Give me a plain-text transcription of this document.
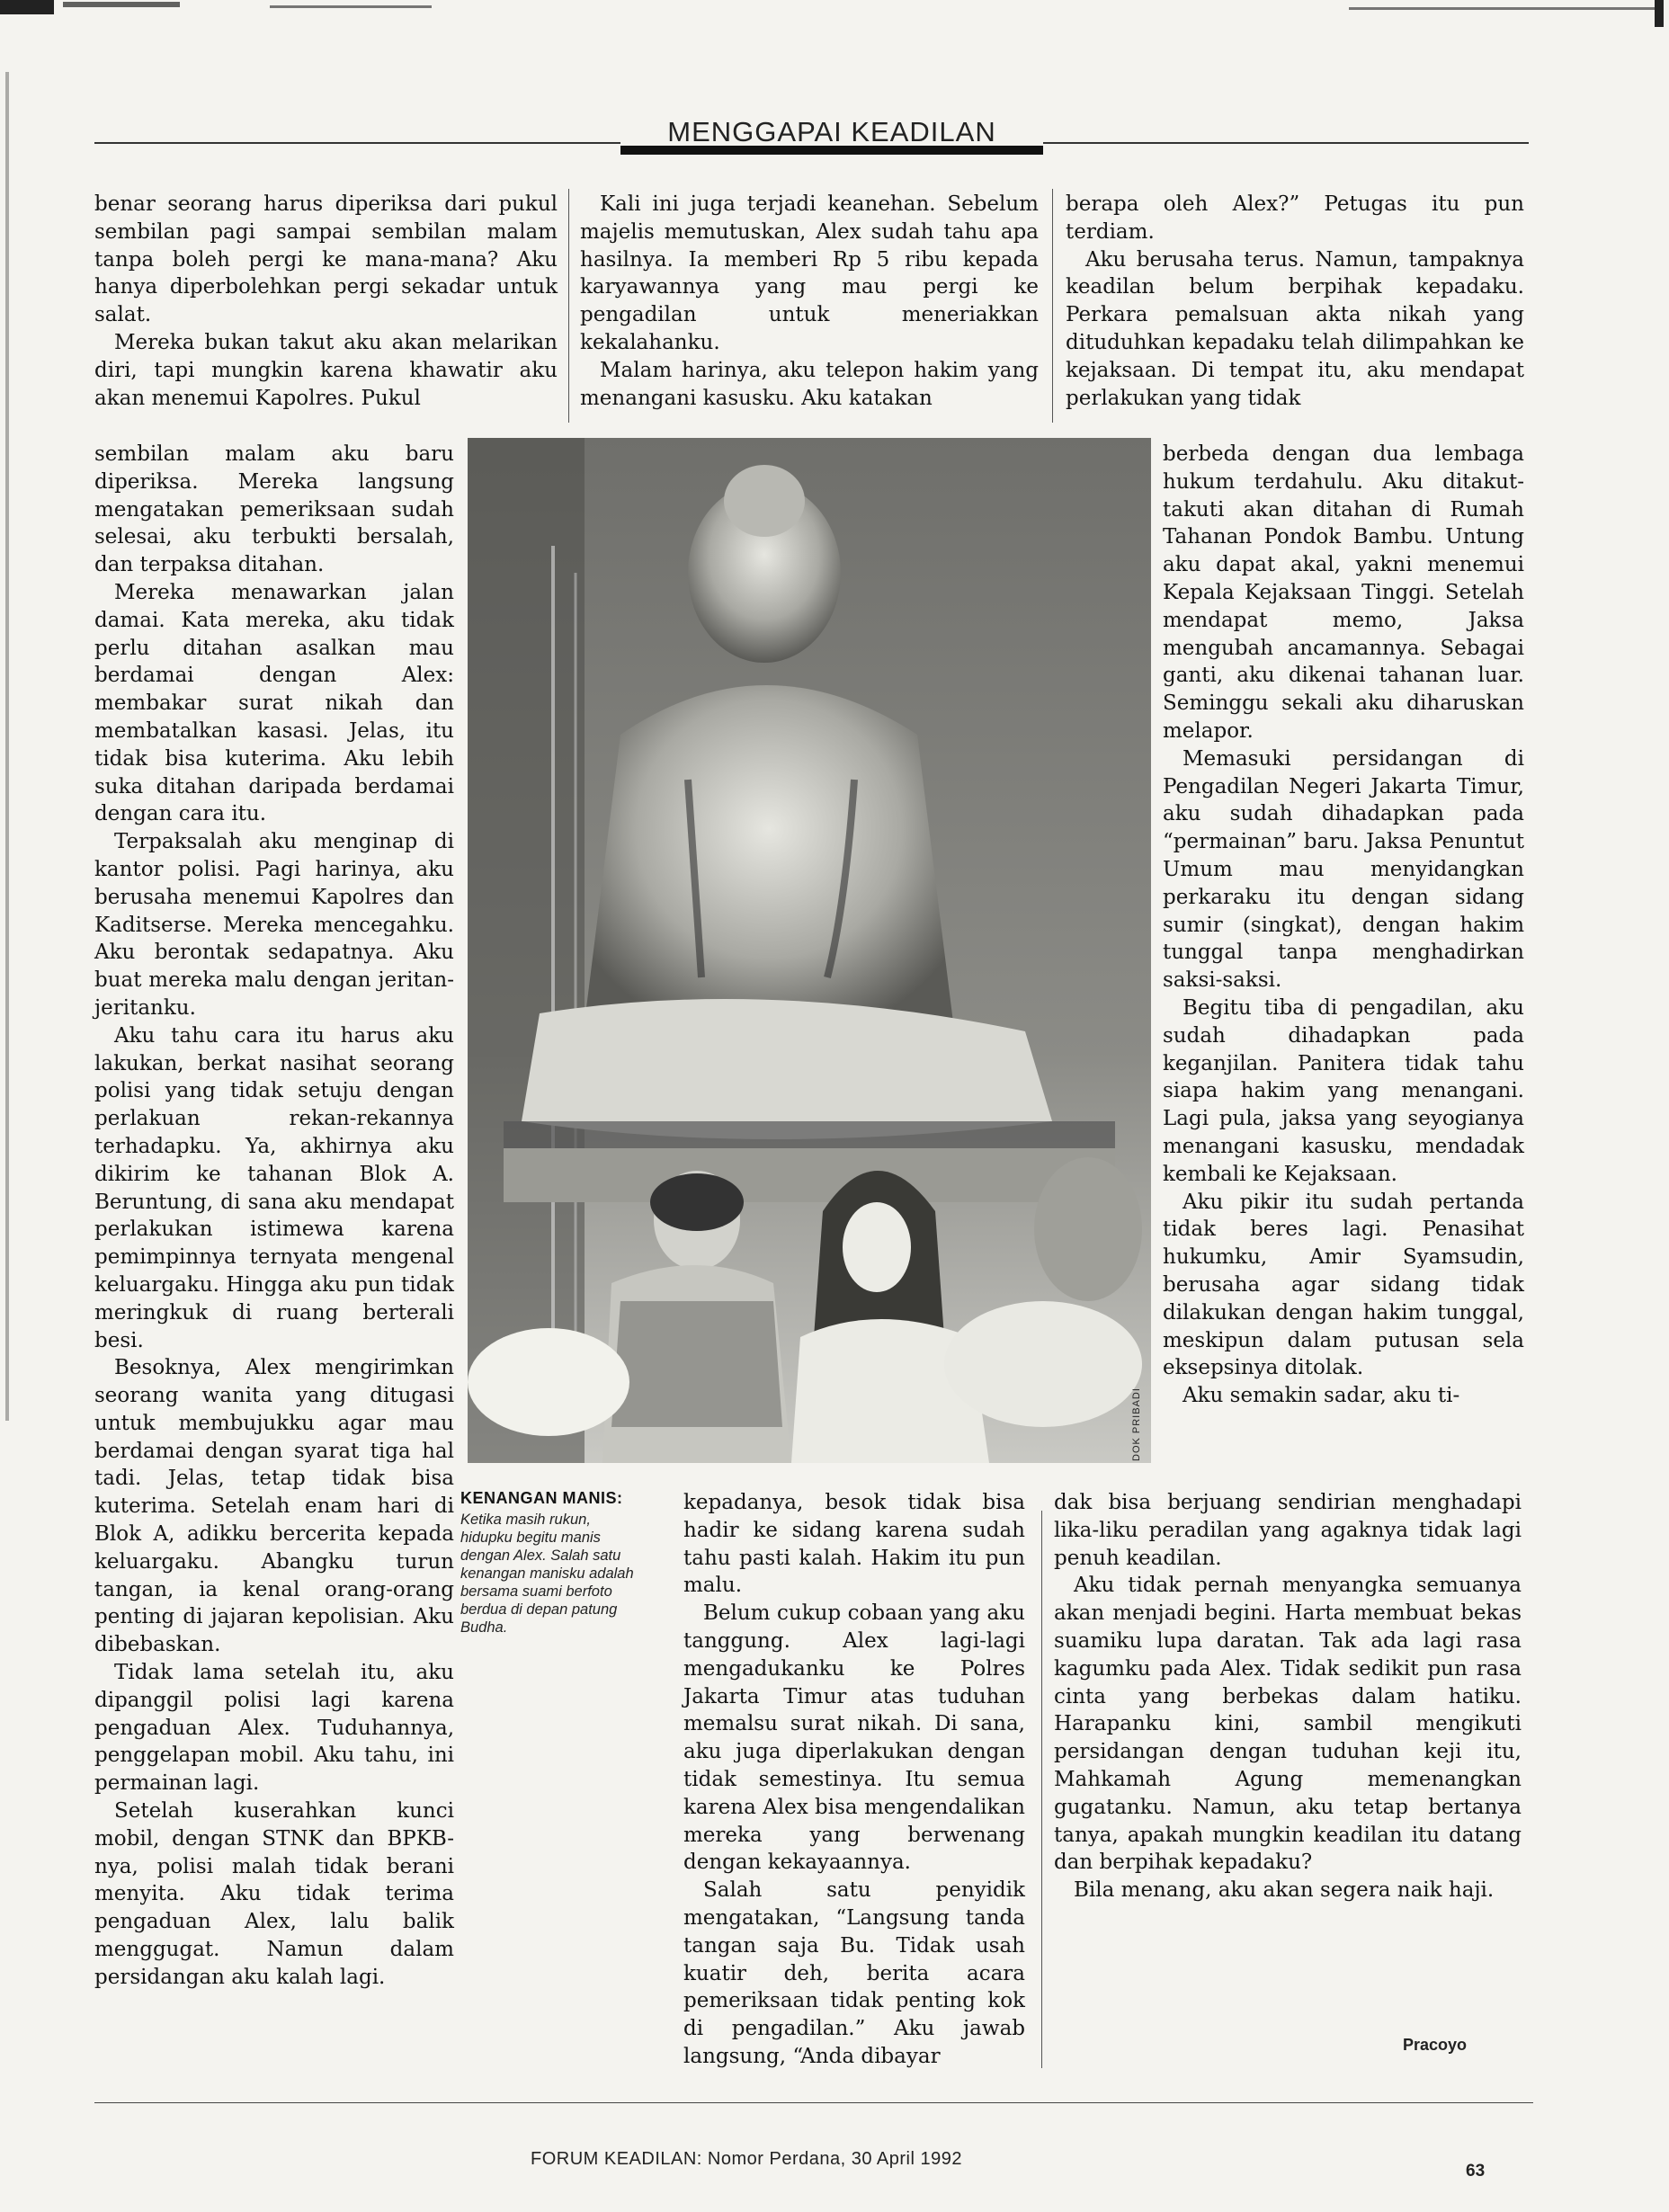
MENGGAPAI KEADILAN

benar seorang harus diperiksa dari pukul sembilan pagi sampai sembilan malam tanpa boleh pergi ke mana-mana? Aku hanya diperbolehkan pergi sekadar untuk salat.

Mereka bukan takut aku akan melarikan diri, tapi mungkin karena khawatir aku akan menemui Kapolres. Pukul

sembilan malam aku baru diperiksa. Mereka langsung mengatakan pemeriksaan sudah selesai, aku terbukti bersalah, dan terpaksa ditahan.

Mereka menawarkan jalan damai. Kata mereka, aku tidak perlu ditahan asalkan mau berdamai dengan Alex: membakar surat nikah dan membatalkan kasasi. Jelas, itu tidak bisa kuterima. Aku lebih suka ditahan daripada berdamai dengan cara itu.

Terpaksalah aku menginap di kantor polisi. Pagi harinya, aku berusaha menemui Kapolres dan Kaditserse. Mereka mencegahku. Aku berontak sedapatnya. Aku buat mereka malu dengan jeritan-jeritanku.

Aku tahu cara itu harus aku lakukan, berkat nasihat seorang polisi yang tidak setuju dengan perlakuan rekan-rekannya terhadapku. Ya, akhirnya aku dikirim ke tahanan Blok A. Beruntung, di sana aku mendapat perlakukan istimewa karena pemimpinnya ternyata mengenal keluargaku. Hingga aku pun tidak meringkuk di ruang berterali besi.

Besoknya, Alex mengirimkan seorang wanita yang ditugasi untuk membujukku agar mau berdamai dengan syarat tiga hal tadi. Jelas, tetap tidak bisa kuterima. Setelah enam hari di Blok A, adikku bercerita kepada keluargaku. Abangku turun tangan, ia kenal orang-orang penting di jajaran kepolisian. Aku dibebaskan.

Tidak lama setelah itu, aku dipanggil polisi lagi karena pengaduan Alex. Tuduhannya, penggelapan mobil. Aku tahu, ini permainan lagi.

Setelah kuserahkan kunci mobil, dengan STNK dan BPKB-nya, polisi malah tidak berani menyita. Aku tidak terima pengaduan Alex, lalu balik menggugat. Namun dalam persidangan aku kalah lagi.

Kali ini juga terjadi keanehan. Sebelum majelis memutuskan, Alex sudah tahu apa hasilnya. Ia memberi Rp 5 ribu kepada karyawannya yang mau pergi ke pengadilan untuk meneriakkan kekalahanku.

Malam harinya, aku telepon hakim yang menangani kasusku. Aku katakan

DOK PRIBADI

berapa oleh Alex?” Petugas itu pun terdiam.

Aku berusaha terus. Namun, tampaknya keadilan belum berpihak kepadaku. Perkara pemalsuan akta nikah yang dituduhkan kepadaku telah dilimpahkan ke kejaksaan. Di tempat itu, aku mendapat perlakukan yang tidak

berbeda dengan dua lembaga hukum terdahulu. Aku ditakut-takuti akan ditahan di Rumah Tahanan Pondok Bambu. Untung aku dapat akal, yakni menemui Kepala Kejaksaan Tinggi. Setelah mendapat memo, Jaksa mengubah ancamannya. Sebagai ganti, aku dikenai tahanan luar. Seminggu sekali aku diharuskan melapor.

Memasuki persidangan di Pengadilan Negeri Jakarta Timur, aku sudah dihadapkan pada “permainan” baru. Jaksa Penuntut Umum mau menyidangkan perkaraku itu dengan sidang sumir (singkat), dengan hakim tunggal tanpa menghadirkan saksi-saksi.

Begitu tiba di pengadilan, aku sudah dihadapkan pada keganjilan. Panitera tidak tahu siapa hakim yang menangani. Lagi pula, jaksa yang seyogianya menangani kasusku, mendadak kembali ke Kejaksaan.

Aku pikir itu sudah pertanda tidak beres lagi. Penasihat hukumku, Amir Syamsudin, berusaha agar sidang tidak dilakukan dengan hakim tunggal, meskipun dalam putusan sela eksepsinya ditolak.

Aku semakin sadar, aku ti-

KENANGAN MANIS:
Ketika masih rukun, hidupku begitu manis dengan Alex. Salah satu kenangan manisku adalah bersama suami berfoto berdua di depan patung Budha.

kepadanya, besok tidak bisa hadir ke sidang karena sudah tahu pasti kalah. Hakim itu pun malu.

Belum cukup cobaan yang aku tanggung. Alex lagi-lagi mengadukanku ke Polres Jakarta Timur atas tuduhan memalsu surat nikah. Di sana, aku juga diperlakukan dengan tidak semestinya. Itu semua karena Alex bisa mengendalikan mereka yang berwenang dengan kekayaannya.

Salah satu penyidik mengatakan, “Langsung tanda tangan saja Bu. Tidak usah kuatir deh, berita acara pemeriksaan tidak penting kok di pengadilan.” Aku jawab langsung, “Anda dibayar

dak bisa berjuang sendirian menghadapi lika-liku peradilan yang agaknya tidak lagi penuh keadilan.

Aku tidak pernah menyangka semuanya akan menjadi begini. Harta membuat bekas suamiku lupa daratan. Tak ada lagi rasa kagumku pada Alex. Tidak sedikit pun rasa cinta yang berbekas dalam hatiku. Harapanku kini, sambil mengikuti persidangan dengan tuduhan keji itu, Mahkamah Agung memenangkan gugatanku. Namun, aku tetap bertanya tanya, apakah mungkin keadilan itu datang dan berpihak kepadaku?

Bila menang, aku akan segera naik haji.

Pracoyo
FORUM KEADILAN: Nomor Perdana, 30 April 1992
63
